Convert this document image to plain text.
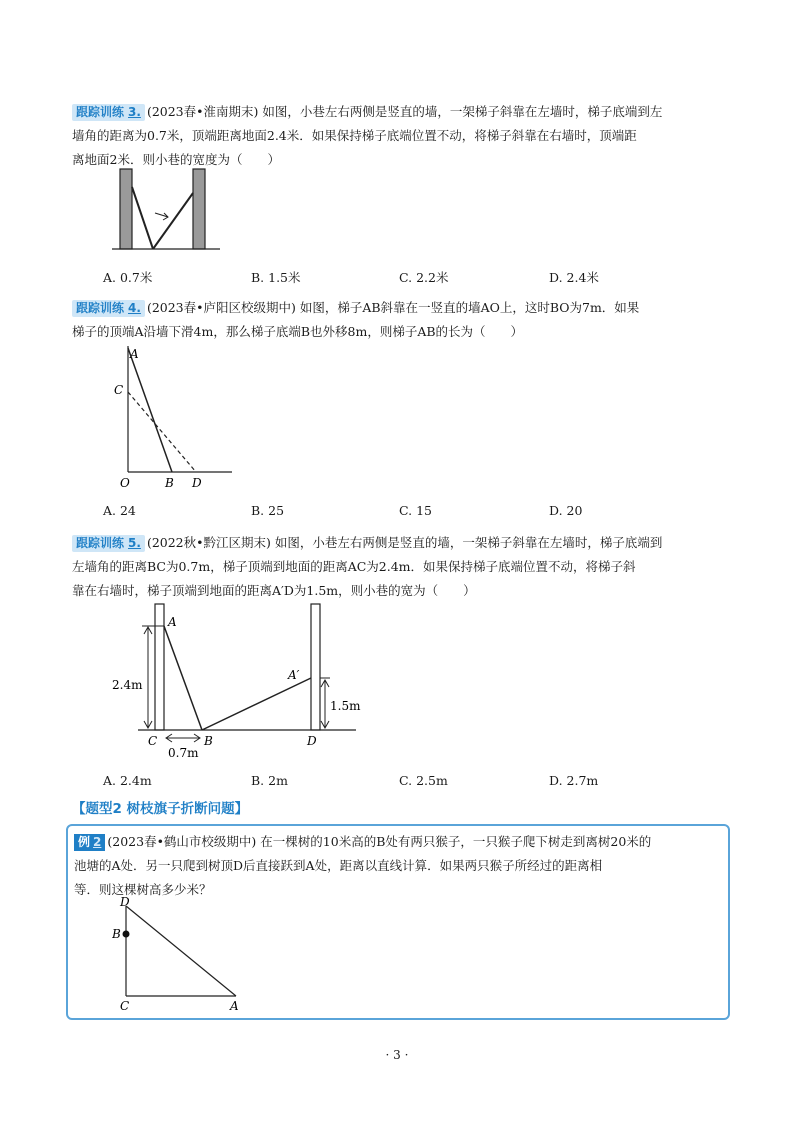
跟踪训练 3. (2023春•淮南期末) 如图，小巷左右两侧是竖直的墙，一架梯子斜靠在左墙时，梯子底端到左

墙角的距离为0.7米，顶端距离地面2.4米．如果保持梯子底端位置不动，将梯子斜靠在右墙时，顶端距

离地面2米．则小巷的宽度为（　　）

A. 0.7米	B. 1.5米	C. 2.2米	D. 2.4米

跟踪训练 4. (2023春•庐阳区校级期中) 如图，梯子AB斜靠在一竖直的墙AO上，这时BO为7m．如果

梯子的顶端A沿墙下滑4m，那么梯子底端B也外移8m，则梯子AB的长为（　　）

A
C
O	B D
A. 24	B. 25	C. 15	D. 20

跟踪训练 5. (2022秋•黔江区期末) 如图，小巷左右两侧是竖直的墙，一架梯子斜靠在左墙时，梯子底端到

左墙角的距离BC为0.7m，梯子顶端到地面的距离AC为2.4m．如果保持梯子底端位置不动，将梯子斜

靠在右墙时，梯子顶端到地面的距离A′D为1.5m，则小巷的宽为（　　）

A
A′
B
C	D
2.4m
1.5m
0.7m
A. 2.4m	B. 2m	C. 2.5m	D. 2.7m
【题型2 树枝旗子折断问题】

例 2 (2023春•鹤山市校级期中) 在一棵树的10米高的B处有两只猴子，一只猴子爬下树走到离树20米的

池塘的A处．另一只爬到树顶D后直接跃到A处，距离以直线计算．如果两只猴子所经过的距离相

等．则这棵树高多少米？

D
B
C	A
· 3 ·
